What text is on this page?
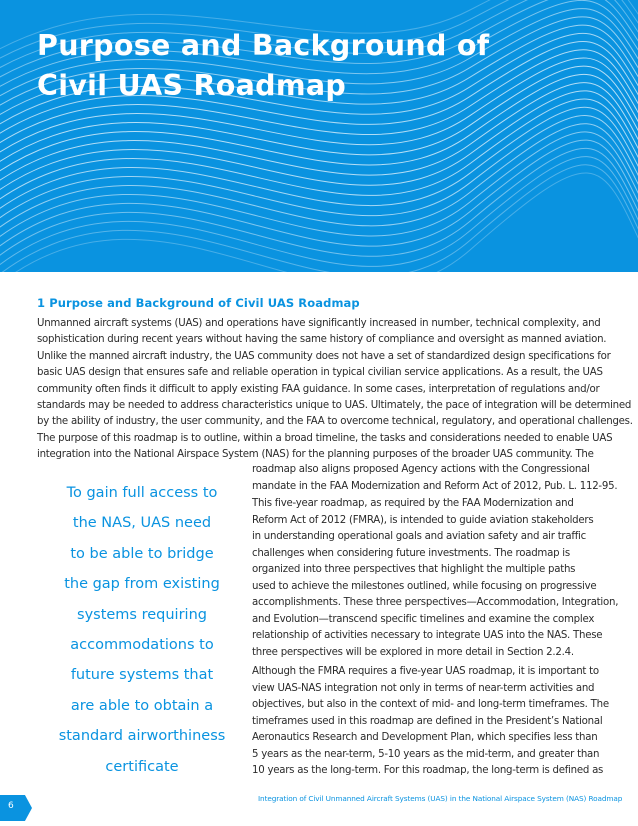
Purpose and Background of
Civil UAS Roadmap
1 Purpose and Background of Civil UAS Roadmap
Unmanned aircraft systems (UAS) and operations have significantly increased in number, technical complexity, and
sophistication during recent years without having the same history of compliance and oversight as manned aviation.
Unlike the manned aircraft industry, the UAS community does not have a set of standardized design specifications for
basic UAS design that ensures safe and reliable operation in typical civilian service applications. As a result, the UAS
community often finds it difficult to apply existing FAA guidance. In some cases, interpretation of regulations and/or
standards may be needed to address characteristics unique to UAS. Ultimately, the pace of integration will be determined
by the ability of industry, the user community, and the FAA to overcome technical, regulatory, and operational challenges.
The purpose of this roadmap is to outline, within a broad timeline, the tasks and considerations needed to enable UAS
integration into the National Airspace System (NAS) for the planning purposes of the broader UAS community. The
roadmap also aligns proposed Agency actions with the Congressional
mandate in the FAA Modernization and Reform Act of 2012, Pub. L. 112-95.
This five-year roadmap, as required by the FAA Modernization and
Reform Act of 2012 (FMRA), is intended to guide aviation stakeholders
in understanding operational goals and aviation safety and air traffic
challenges when considering future investments. The roadmap is
organized into three perspectives that highlight the multiple paths
used to achieve the milestones outlined, while focusing on progressive
accomplishments. These three perspectives—Accommodation, Integration,
and Evolution—transcend specific timelines and examine the complex
relationship of activities necessary to integrate UAS into the NAS. These
three perspectives will be explored in more detail in Section 2.2.4.
Although the FMRA requires a five-year UAS roadmap, it is important to
view UAS-NAS integration not only in terms of near-term activities and
objectives, but also in the context of mid- and long-term timeframes. The
timeframes used in this roadmap are defined in the President’s National
Aeronautics Research and Development Plan, which specifies less than
5 years as the near-term, 5-10 years as the mid-term, and greater than
10 years as the long-term. For this roadmap, the long-term is defined as
To gain full access to
the NAS, UAS need
to be able to bridge
the gap from existing
systems requiring
accommodations to
future systems that
are able to obtain a
standard airworthiness
certificate
6
Integration of Civil Unmanned Aircraft Systems (UAS) in the National Airspace System (NAS) Roadmap
